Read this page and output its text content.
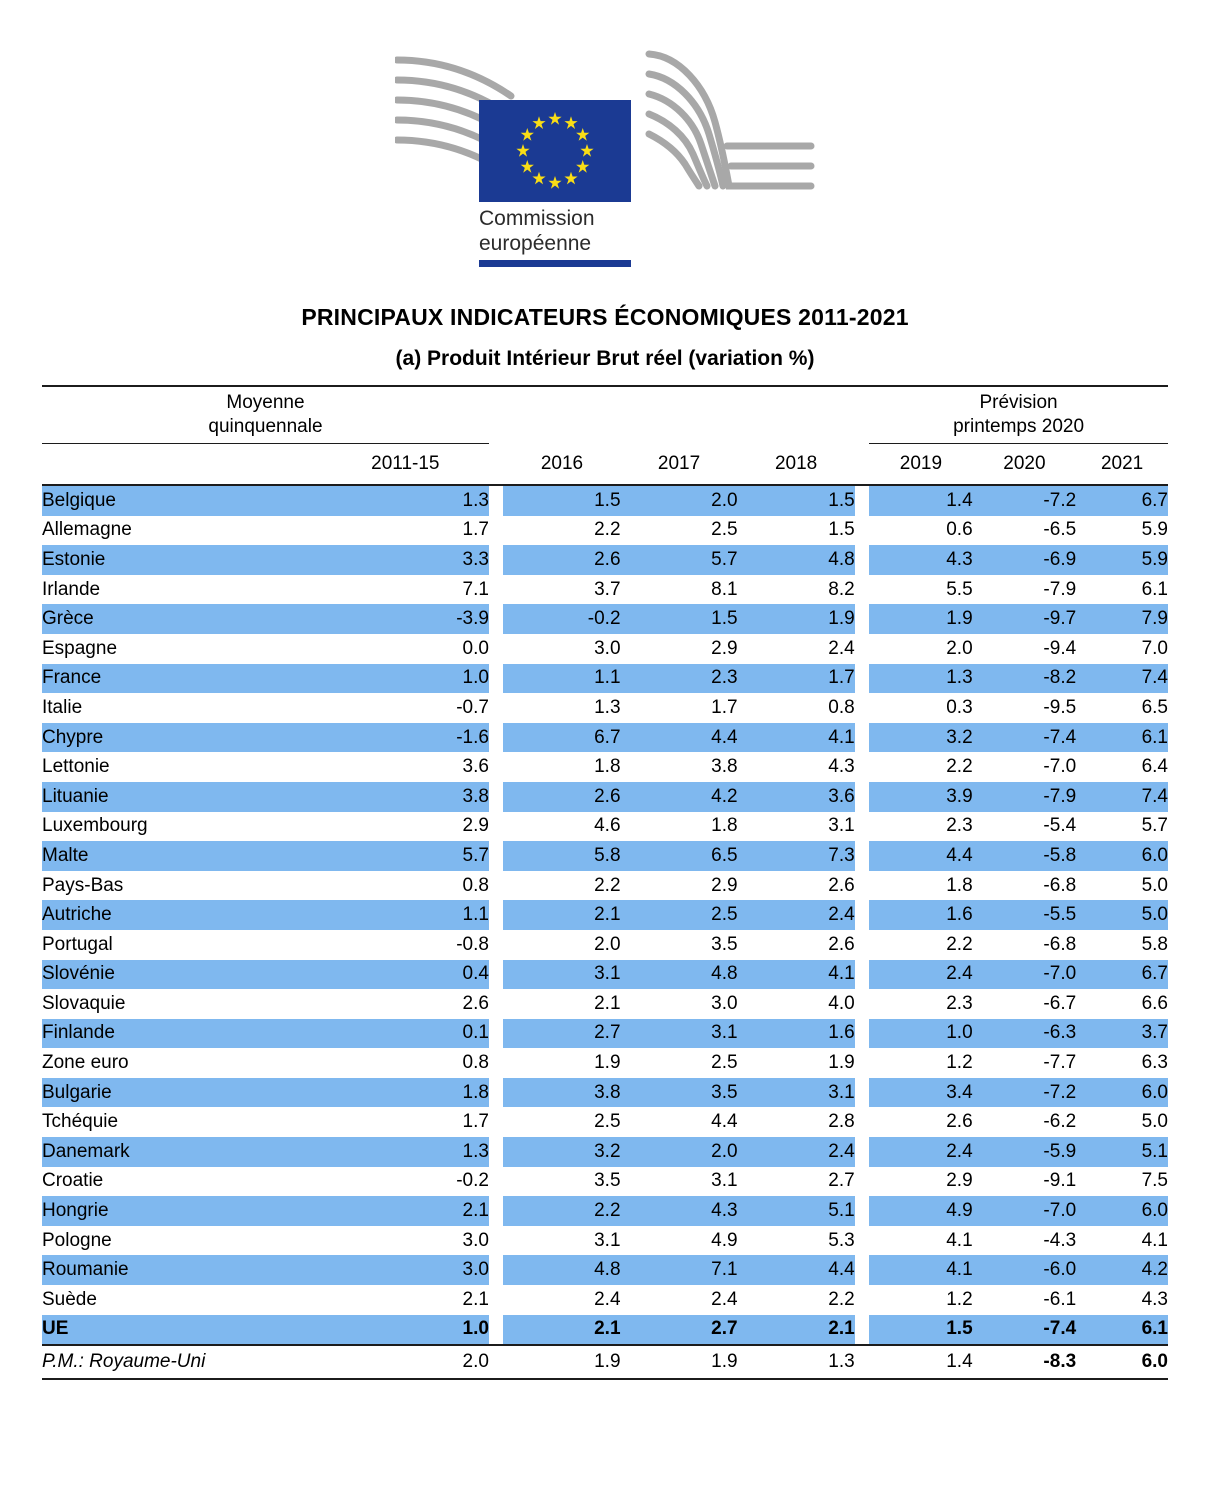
Commission
européenne
PRINCIPAUX INDICATEURS ÉCONOMIQUES 2011-2021
(a) Produit Intérieur Brut réel (variation %)
Moyenne
quinquennale

Prévision
printemps 2020

	2011-15		2016	2017	2018		2019	2020	2021
Belgique	1.3		1.5	2.0	1.5		1.4	-7.2	6.7
Allemagne	1.7		2.2	2.5	1.5		0.6	-6.5	5.9
Estonie	3.3		2.6	5.7	4.8		4.3	-6.9	5.9
Irlande	7.1		3.7	8.1	8.2		5.5	-7.9	6.1
Grèce	-3.9		-0.2	1.5	1.9		1.9	-9.7	7.9
Espagne	0.0		3.0	2.9	2.4		2.0	-9.4	7.0
France	1.0		1.1	2.3	1.7		1.3	-8.2	7.4
Italie	-0.7		1.3	1.7	0.8		0.3	-9.5	6.5
Chypre	-1.6		6.7	4.4	4.1		3.2	-7.4	6.1
Lettonie	3.6		1.8	3.8	4.3		2.2	-7.0	6.4
Lituanie	3.8		2.6	4.2	3.6		3.9	-7.9	7.4
Luxembourg	2.9		4.6	1.8	3.1		2.3	-5.4	5.7
Malte	5.7		5.8	6.5	7.3		4.4	-5.8	6.0
Pays-Bas	0.8		2.2	2.9	2.6		1.8	-6.8	5.0
Autriche	1.1		2.1	2.5	2.4		1.6	-5.5	5.0
Portugal	-0.8		2.0	3.5	2.6		2.2	-6.8	5.8
Slovénie	0.4		3.1	4.8	4.1		2.4	-7.0	6.7
Slovaquie	2.6		2.1	3.0	4.0		2.3	-6.7	6.6
Finlande	0.1		2.7	3.1	1.6		1.0	-6.3	3.7
Zone euro	0.8		1.9	2.5	1.9		1.2	-7.7	6.3
Bulgarie	1.8		3.8	3.5	3.1		3.4	-7.2	6.0
Tchéquie	1.7		2.5	4.4	2.8		2.6	-6.2	5.0
Danemark	1.3		3.2	2.0	2.4		2.4	-5.9	5.1
Croatie	-0.2		3.5	3.1	2.7		2.9	-9.1	7.5
Hongrie	2.1		2.2	4.3	5.1		4.9	-7.0	6.0
Pologne	3.0		3.1	4.9	5.3		4.1	-4.3	4.1
Roumanie	3.0		4.8	7.1	4.4		4.1	-6.0	4.2
Suède	2.1		2.4	2.4	2.2		1.2	-6.1	4.3
UE	1.0		2.1	2.7	2.1		1.5	-7.4	6.1
P.M.: Royaume-Uni	2.0		1.9	1.9	1.3		1.4	-8.3	6.0
